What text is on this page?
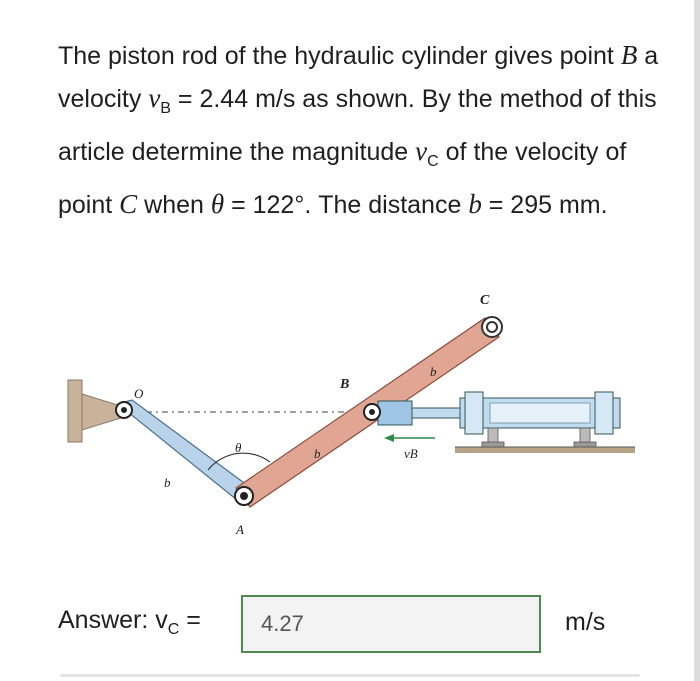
The piston rod of the hydraulic cylinder gives point B a velocity $v_B = 2.44$ m/s as shown. By the method of this article determine the magnitude $v_C$ of the velocity of point C when θ = 122°. The distance b = 295 mm.
O
A
B
C
b
b
b
θ	vB
Answer: $v_C$ =
4.27	m/s
